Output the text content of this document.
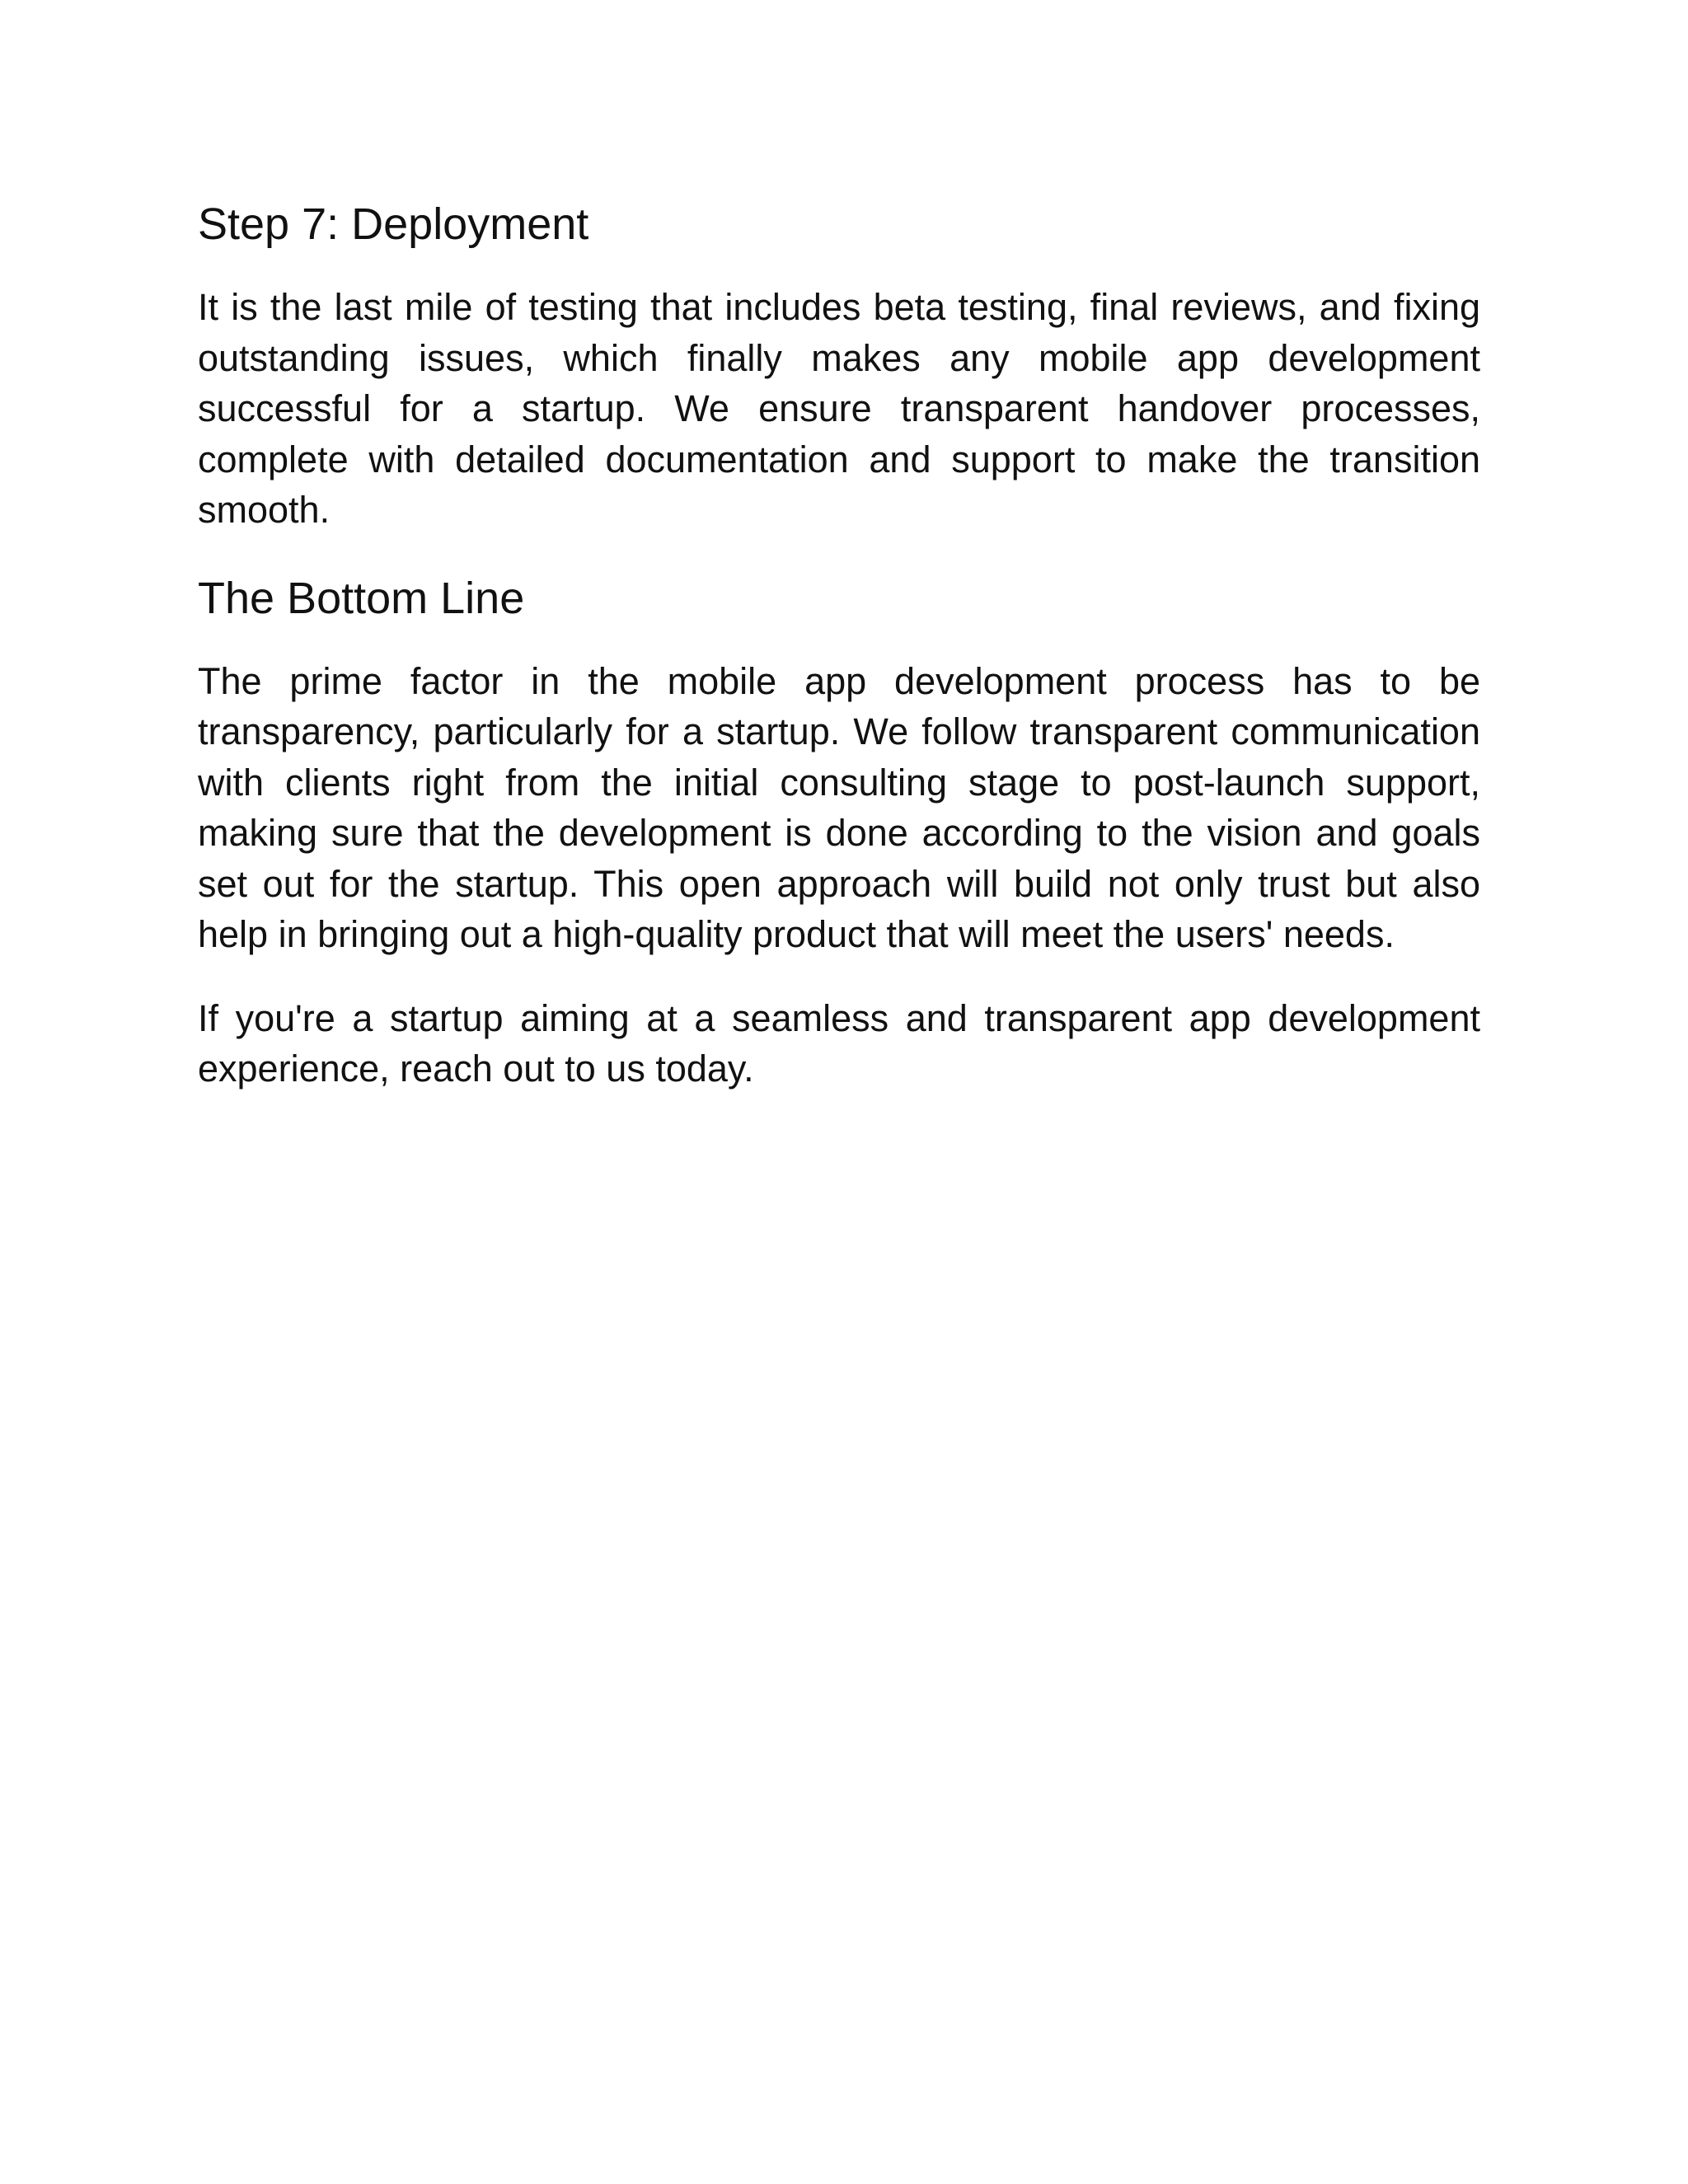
Step 7: Deployment

It is the last mile of testing that includes beta testing, final reviews, and fixing outstanding issues, which finally makes any mobile app development successful for a startup. We ensure transparent handover processes, complete with detailed documentation and support to make the transition smooth.

The Bottom Line

The prime factor in the mobile app development process has to be transparency, particularly for a startup. We follow transparent communication with clients right from the initial consulting stage to post-launch support, making sure that the development is done according to the vision and goals set out for the startup. This open approach will build not only trust but also help in bringing out a high-quality product that will meet the users' needs.

If you're a startup aiming at a seamless and transparent app development experience, reach out to us today.
